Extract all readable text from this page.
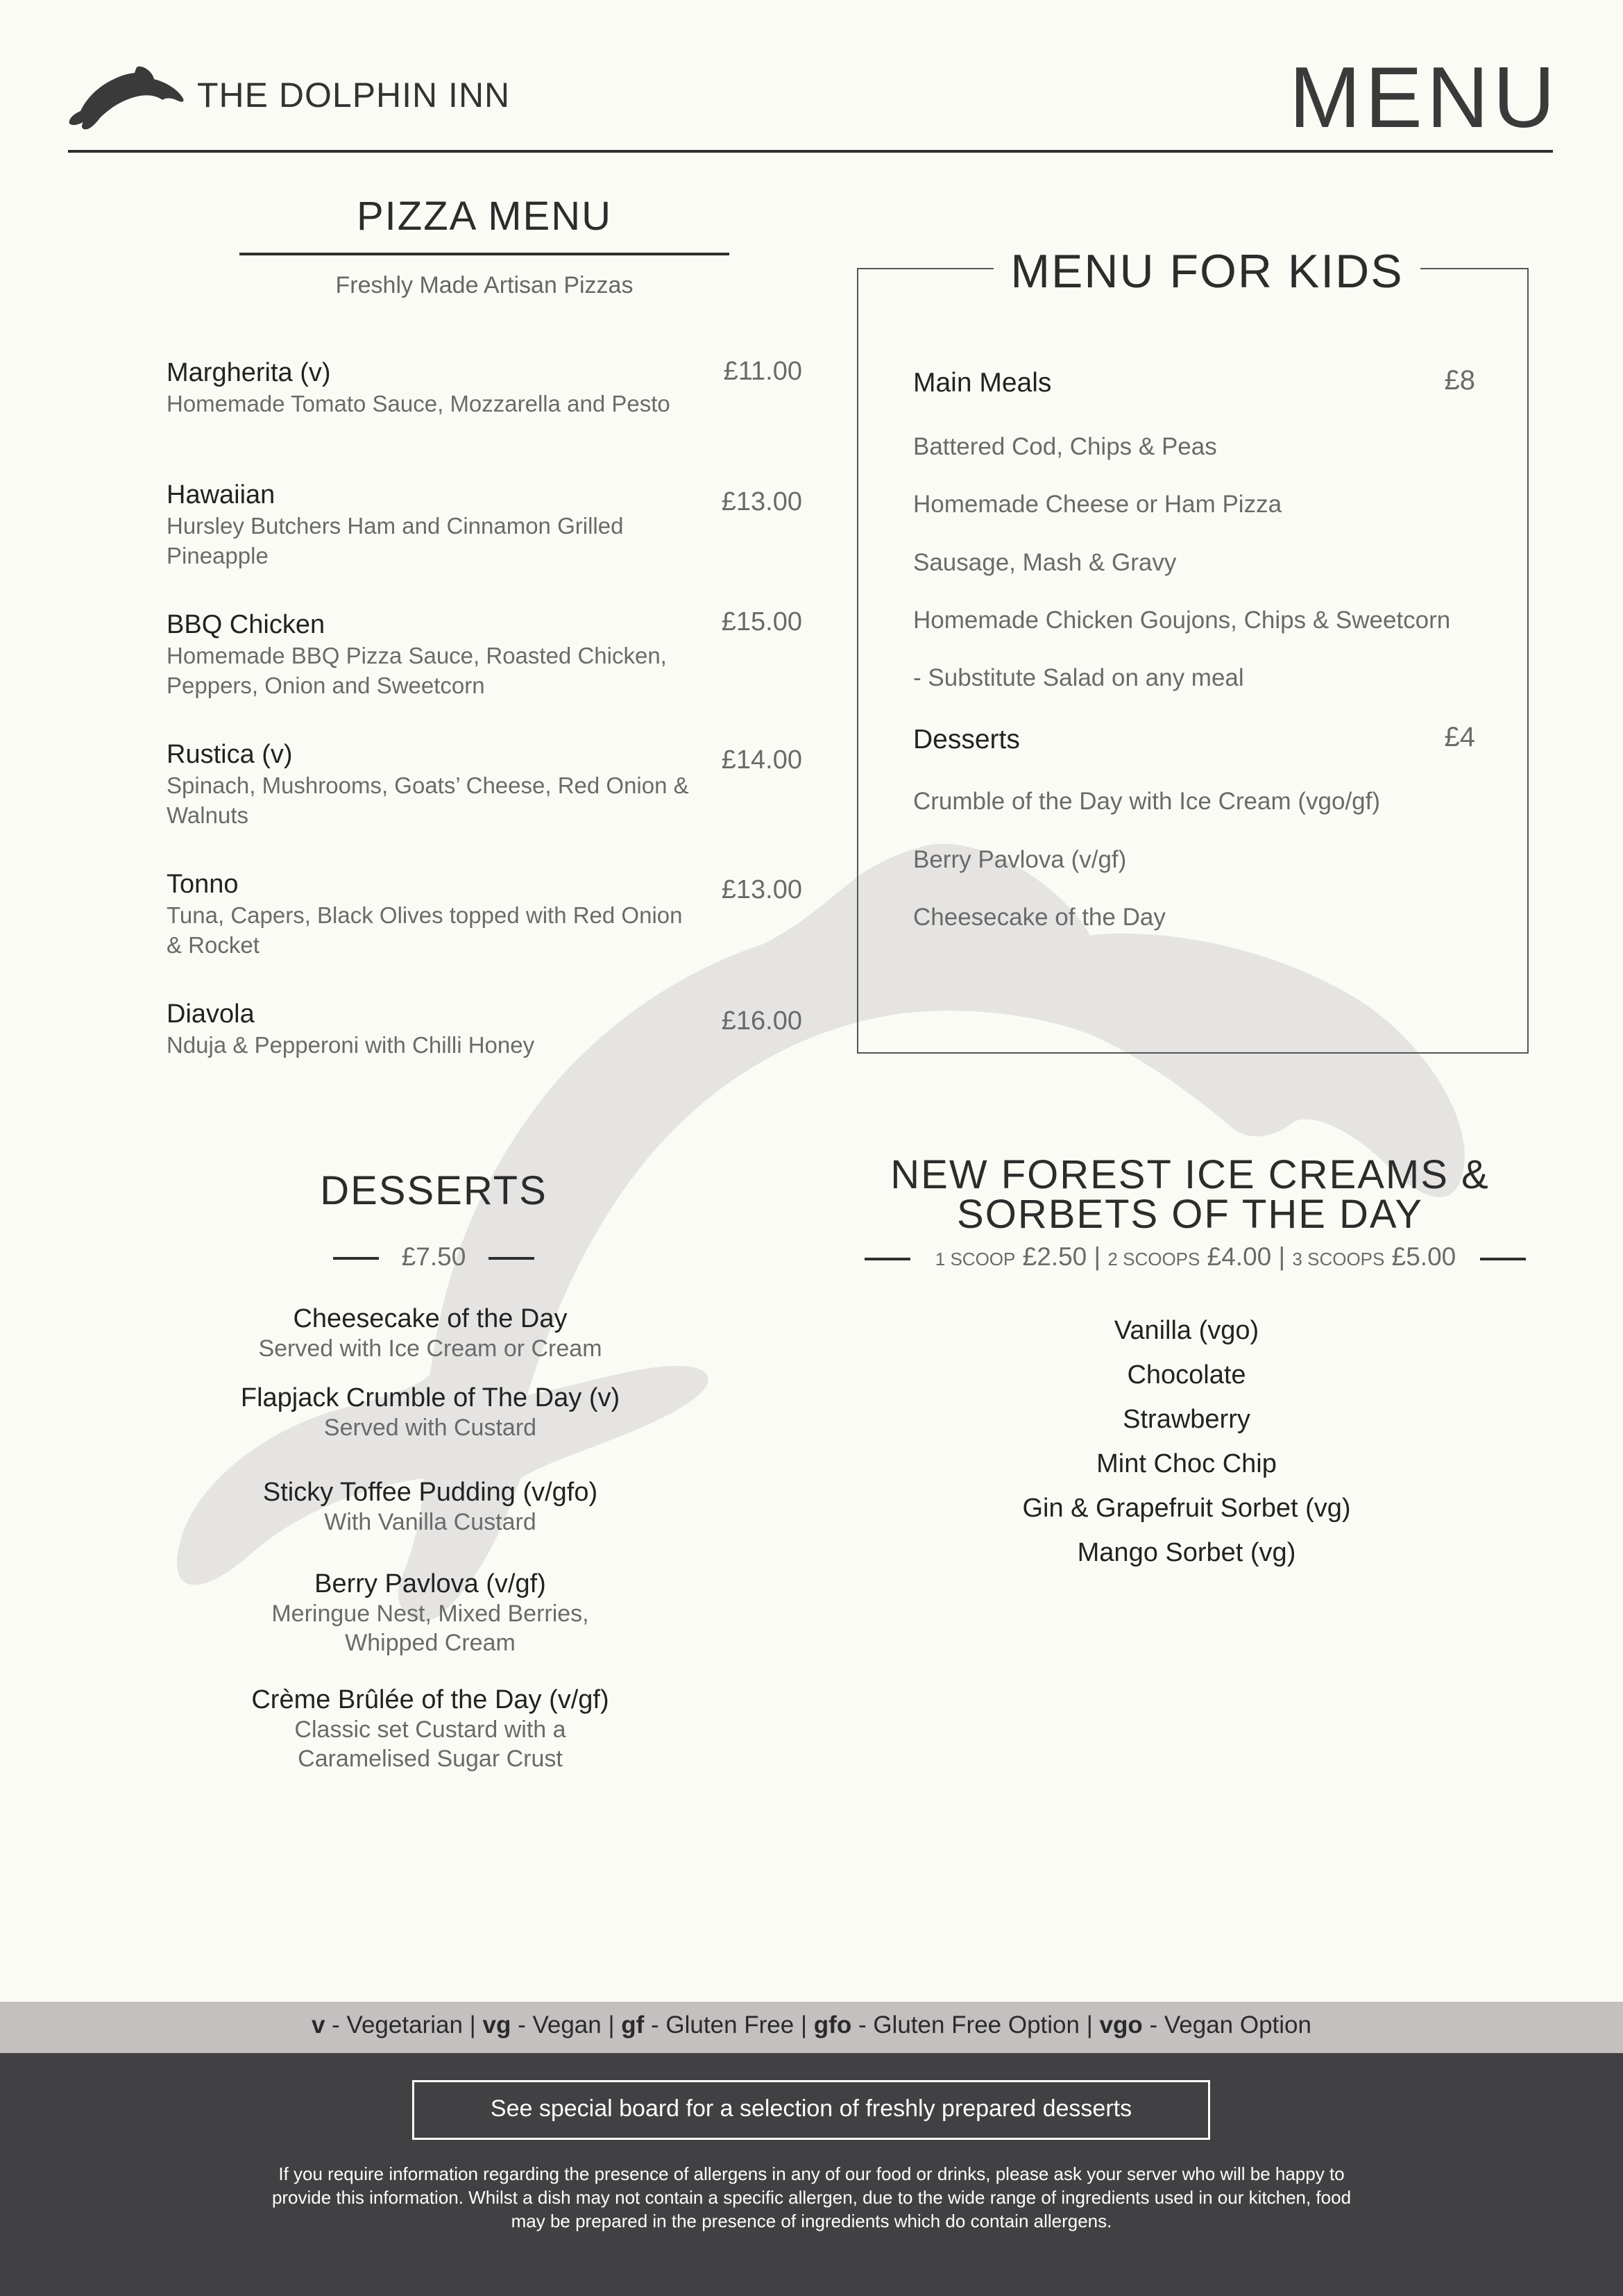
THE DOLPHIN INN	MENU
PIZZA MENU
Freshly Made Artisan Pizzas
Margherita (v)
Homemade Tomato Sauce, Mozzarella and Pesto
£11.00
Hawaiian
Hursley Butchers Ham and Cinnamon Grilled Pineapple
£13.00
BBQ Chicken
Homemade BBQ Pizza Sauce, Roasted Chicken, Peppers, Onion and Sweetcorn
£15.00
Rustica (v)
Spinach, Mushrooms, Goats’ Cheese, Red Onion & Walnuts
£14.00
Tonno
Tuna, Capers, Black Olives topped with Red Onion & Rocket
£13.00
Diavola
Nduja & Pepperoni with Chilli Honey
£16.00
MENU FOR KIDS
Main Meals	£8
Battered Cod, Chips & Peas
Homemade Cheese or Ham Pizza
Sausage, Mash & Gravy
Homemade Chicken Goujons, Chips & Sweetcorn
- Substitute Salad on any meal
Desserts	£4
Crumble of the Day with Ice Cream (vgo/gf)
Berry Pavlova (v/gf)
Cheesecake of the Day
DESSERTS
£7.50
Cheesecake of the Day
Served with Ice Cream or Cream
Flapjack Crumble of The Day (v)
Served with Custard
Sticky Toffee Pudding (v/gfo)
With Vanilla Custard
Berry Pavlova (v/gf)
Meringue Nest, Mixed Berries,
Whipped Cream
Crème Brûlée of the Day (v/gf)
Classic set Custard with a
Caramelised Sugar Crust
NEW FOREST ICE CREAMS &
SORBETS OF THE DAY
1 SCOOP £2.50 | 2 SCOOPS £4.00 | 3 SCOOPS £5.00
Vanilla (vgo)
Chocolate
Strawberry
Mint Choc Chip
Gin & Grapefruit Sorbet (vg)
Mango Sorbet (vg)
v - Vegetarian | vg - Vegan | gf - Gluten Free | gfo - Gluten Free Option | vgo - Vegan Option
See special board for a selection of freshly prepared desserts
If you require information regarding the presence of allergens in any of our food or drinks, please ask your server who will be happy to
provide this information. Whilst a dish may not contain a specific allergen, due to the wide range of ingredients used in our kitchen, food
may be prepared in the presence of ingredients which do contain allergens.
